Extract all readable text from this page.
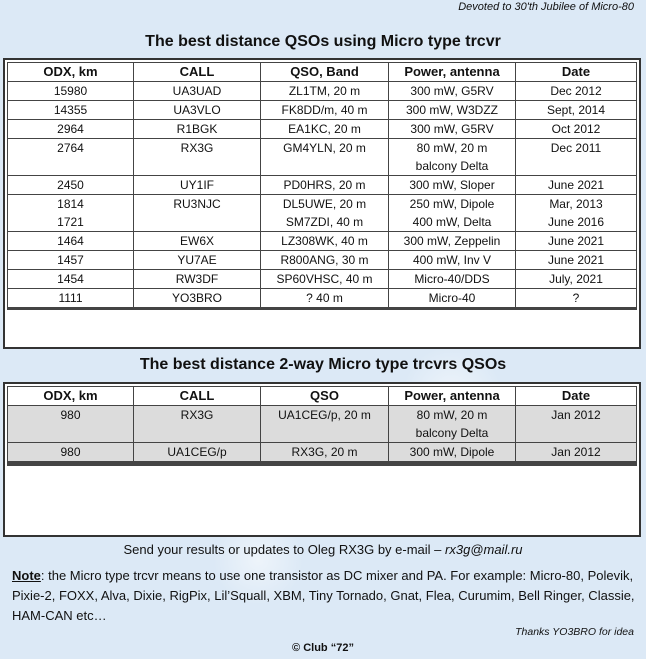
Devoted to 30'th Jubilee of Micro-80
The best distance QSOs using Micro type trcvr
ODX, km	CALL	QSO, Band	Power, antenna	Date
15980	UA3UAD	ZL1TM, 20 m	300 mW, G5RV	Dec 2012
14355	UA3VLO	FK8DD/m, 40 m	300 mW, W3DZZ	Sept, 2014
2964	R1BGK	EA1KC, 20 m	300 mW, G5RV	Oct 2012
2764	RX3G	GM4YLN, 20 m	80 mW, 20 m	Dec 2011
			balcony Delta	
2450	UY1IF	PD0HRS, 20 m	300 mW, Sloper	June 2021
1814	RU3NJC	DL5UWE, 20 m	250 mW, Dipole	Mar, 2013
1721		SM7ZDI, 40 m	400 mW, Delta	June 2016
1464	EW6X	LZ308WK, 40 m	300 mW, Zeppelin	June 2021
1457	YU7AE	R800ANG, 30 m	400 mW, Inv V	June 2021
1454	RW3DF	SP60VHSC, 40 m	Micro-40/DDS	July, 2021
1111	YO3BRO	? 40 m	Micro-40	?

The best distance 2-way Micro type trcvrs QSOs
ODX, km	CALL	QSO	Power, antenna	Date
980	RX3G	UA1CEG/p, 20 m	80 mW, 20 m	Jan 2012
			balcony Delta	
980	UA1CEG/p	RX3G, 20 m	300 mW, Dipole	Jan 2012

Send your results or updates to Oleg RX3G by e-mail – rx3g@mail.ru
Note: the Micro type trcvr means to use one transistor as DC mixer and PA. For example: Micro-80, Polevik, Pixie-2, FOXX, Alva, Dixie, RigPix, Lil’Squall, XBM, Tiny Tornado, Gnat, Flea, Curumim, Bell Ringer, Classie, HAM-CAN etc…
Thanks YO3BRO for idea
© Club “72”
